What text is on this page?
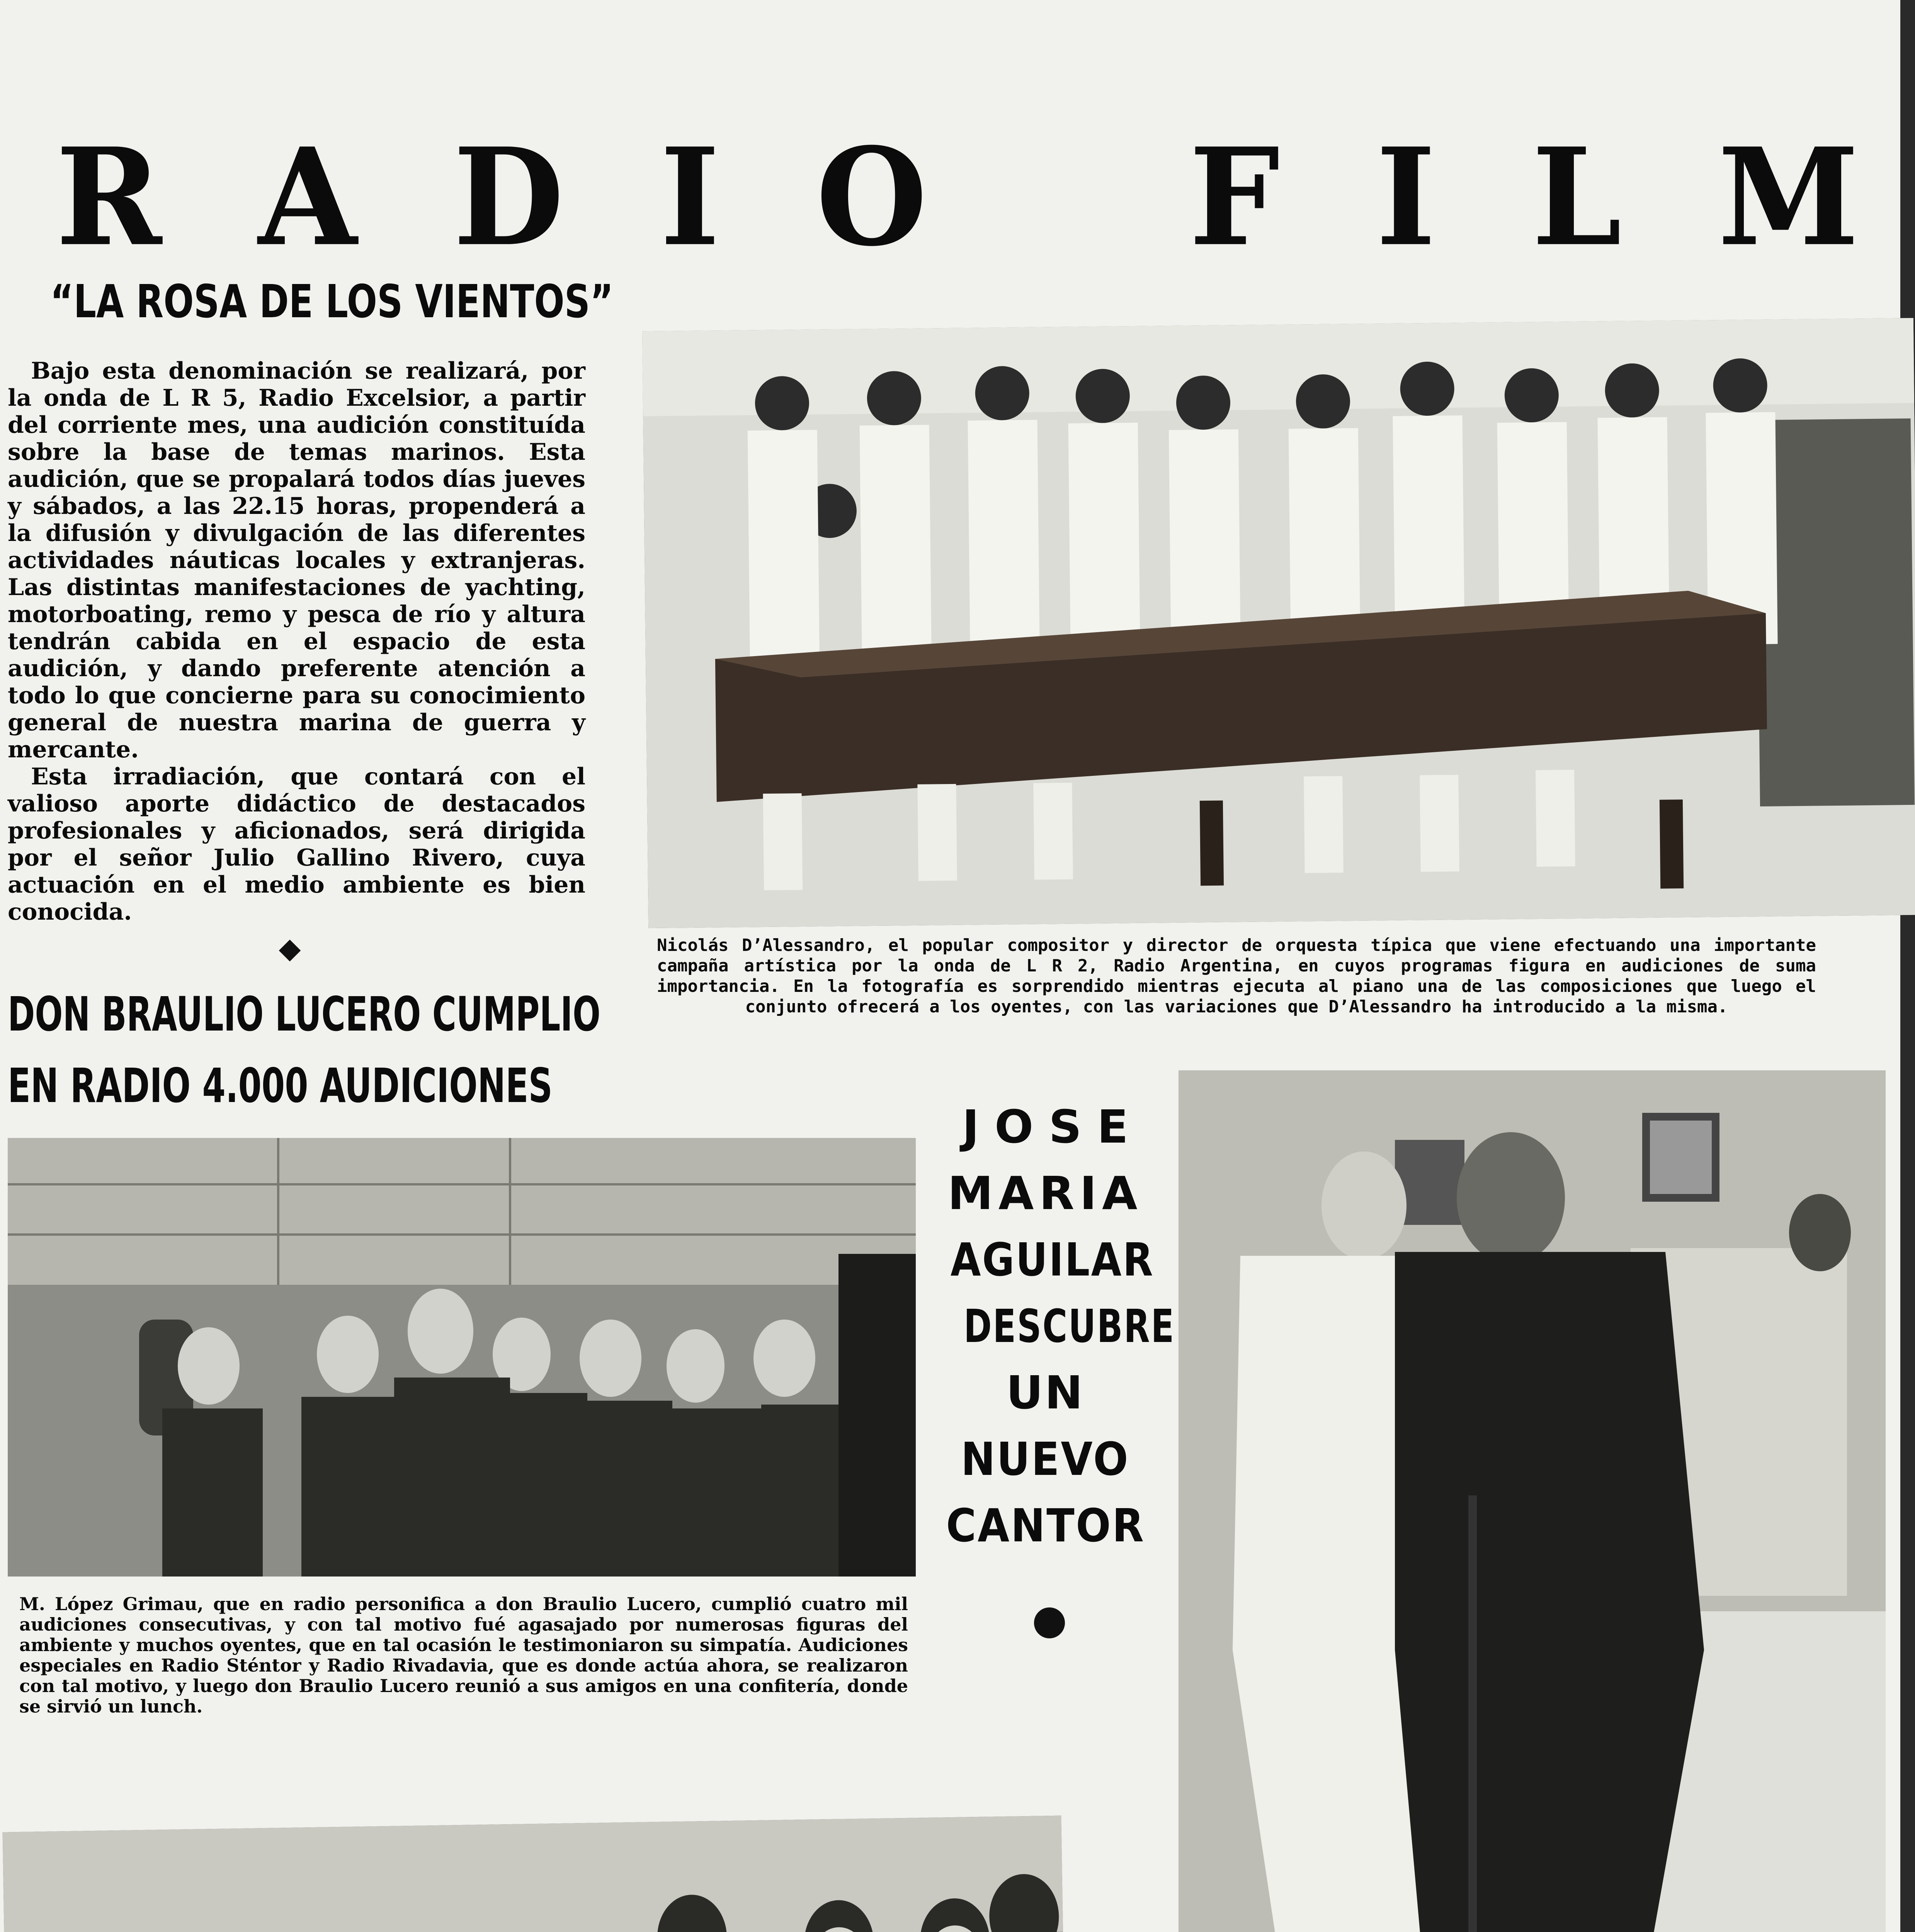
R A D I O F I L M
“LA ROSA DE LOS VIENTOS”

Bajo esta denominación se realizará, por la onda de L R 5, Radio Excelsior, a partir del corriente mes, una audición constituída sobre la base de temas marinos. Esta audición, que se propalará todos días jueves y sábados, a las 22.15 horas, propenderá a la difusión y divulgación de las diferentes actividades náuticas locales y extranjeras. Las distintas manifestaciones de yachting, motorboating, remo y pesca de río y altura tendrán cabida en el espacio de esta audición, y dando preferente atención a todo lo que concierne para su conocimiento general de nuestra marina de guerra y mercante.

Esta irradiación, que contará con el valioso aporte didáctico de destacados profesionales y aficionados, será dirigida por el señor Julio Gallino Rivero, cuya actuación en el medio ambiente es bien conocida.

Nicolás D’Alessandro, el popular compositor y director de orquesta típica que viene efectuando una importante campaña artística por la onda de L R 2, Radio Argentina, en cuyos programas figura en audiciones de suma importancia. En la fotografía es sorprendido mientras ejecuta al piano una de las composiciones que luego el conjunto ofrecerá a los oyentes, con las variaciones que D’Alessandro ha introducido a la misma.
DON BRAULIO LUCERO CUMPLIO
EN RADIO 4.000 AUDICIONES
M. López Grimau, que en radio personifica a don Braulio Lucero, cumplió cuatro mil audiciones consecutivas, y con tal motivo fué agasajado por numerosas figuras del ambiente y muchos oyentes, que en tal ocasión le testimoniaron su simpatía. Audiciones especiales en Radio Sténtor y Radio Rivadavia, que es donde actúa ahora, se realizaron con tal motivo, y luego don Braulio Lucero reunió a sus amigos en una confitería, donde se sirvió un lunch.
JOSE
MARIA
AGUILAR
DESCUBRE
UN
NUEVO
CANTOR
